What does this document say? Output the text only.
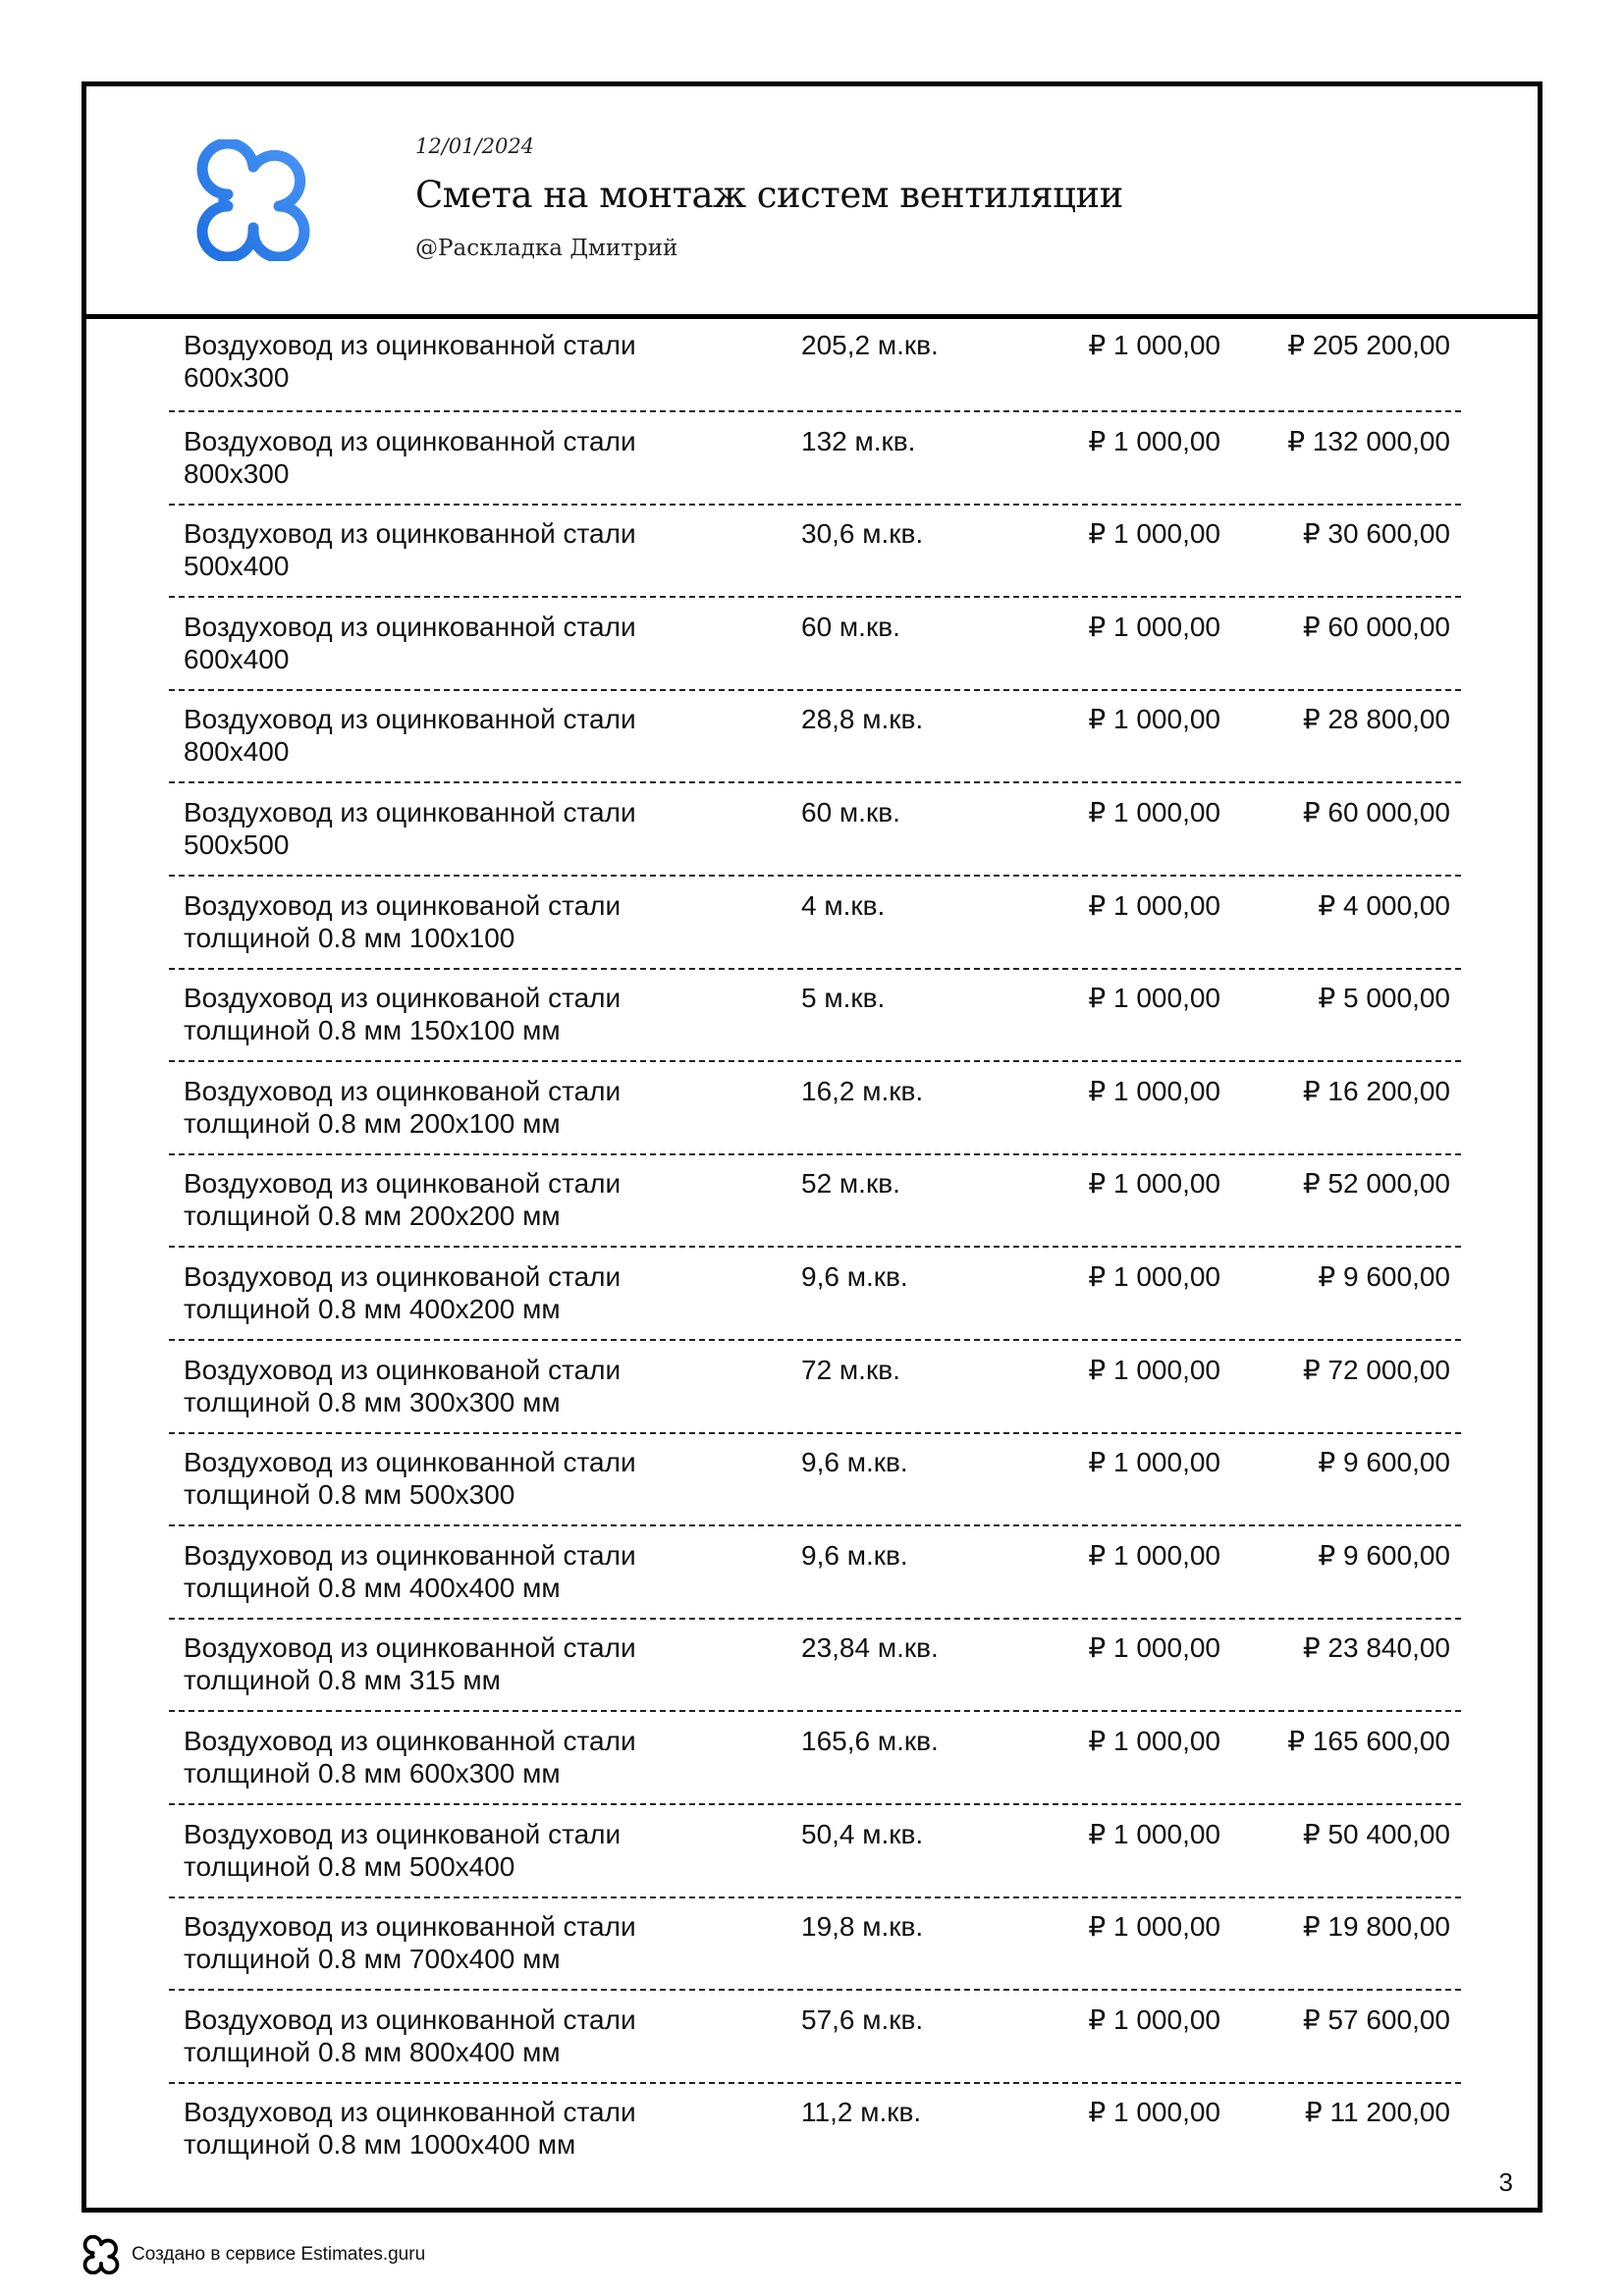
12/01/2024
Смета на монтаж систем вентиляции
@Раскладка Дмитрий
Воздуховод из оцинкованной стали 600x300
205,2 м.кв.	₽ 1 000,00 ₽ 205 200,00
Воздуховод из оцинкованной стали 800x300
132 м.кв.	₽ 1 000,00 ₽ 132 000,00
Воздуховод из оцинкованной стали 500x400
30,6 м.кв.	₽ 1 000,00	₽ 30 600,00
Воздуховод из оцинкованной стали 600x400
60 м.кв.	₽ 1 000,00	₽ 60 000,00
Воздуховод из оцинкованной стали 800x400
28,8 м.кв.	₽ 1 000,00	₽ 28 800,00
Воздуховод из оцинкованной стали 500x500
60 м.кв.	₽ 1 000,00	₽ 60 000,00
Воздуховод из оцинкованой стали толщиной 0.8 мм 100x100
4 м.кв.	₽ 1 000,00	₽ 4 000,00
Воздуховод из оцинкованой стали толщиной 0.8 мм 150x100 мм
5 м.кв.	₽ 1 000,00	₽ 5 000,00
Воздуховод из оцинкованой стали толщиной 0.8 мм 200x100 мм
16,2 м.кв.	₽ 1 000,00	₽ 16 200,00
Воздуховод из оцинкованой стали толщиной 0.8 мм 200x200 мм
52 м.кв.	₽ 1 000,00	₽ 52 000,00
Воздуховод из оцинкованой стали толщиной 0.8 мм 400x200 мм
9,6 м.кв.	₽ 1 000,00	₽ 9 600,00
Воздуховод из оцинкованой стали толщиной 0.8 мм 300x300 мм
72 м.кв.	₽ 1 000,00	₽ 72 000,00
Воздуховод из оцинкованной стали толщиной 0.8 мм 500x300
9,6 м.кв.	₽ 1 000,00	₽ 9 600,00
Воздуховод из оцинкованной стали толщиной 0.8 мм 400x400 мм
9,6 м.кв.	₽ 1 000,00	₽ 9 600,00
Воздуховод из оцинкованной стали толщиной 0.8 мм 315 мм
23,84 м.кв.	₽ 1 000,00	₽ 23 840,00
Воздуховод из оцинкованной стали толщиной 0.8 мм 600x300 мм
165,6 м.кв.	₽ 1 000,00 ₽ 165 600,00
Воздуховод из оцинкованой стали толщиной 0.8 мм 500x400
50,4 м.кв.	₽ 1 000,00	₽ 50 400,00
Воздуховод из оцинкованной стали толщиной 0.8 мм 700x400 мм
19,8 м.кв.	₽ 1 000,00	₽ 19 800,00
Воздуховод из оцинкованной стали толщиной 0.8 мм 800x400 мм
57,6 м.кв.	₽ 1 000,00	₽ 57 600,00
Воздуховод из оцинкованной стали толщиной 0.8 мм 1000x400 мм
11,2 м.кв.	₽ 1 000,00	₽ 11 200,00
3
Создано в сервисе Estimates.guru
